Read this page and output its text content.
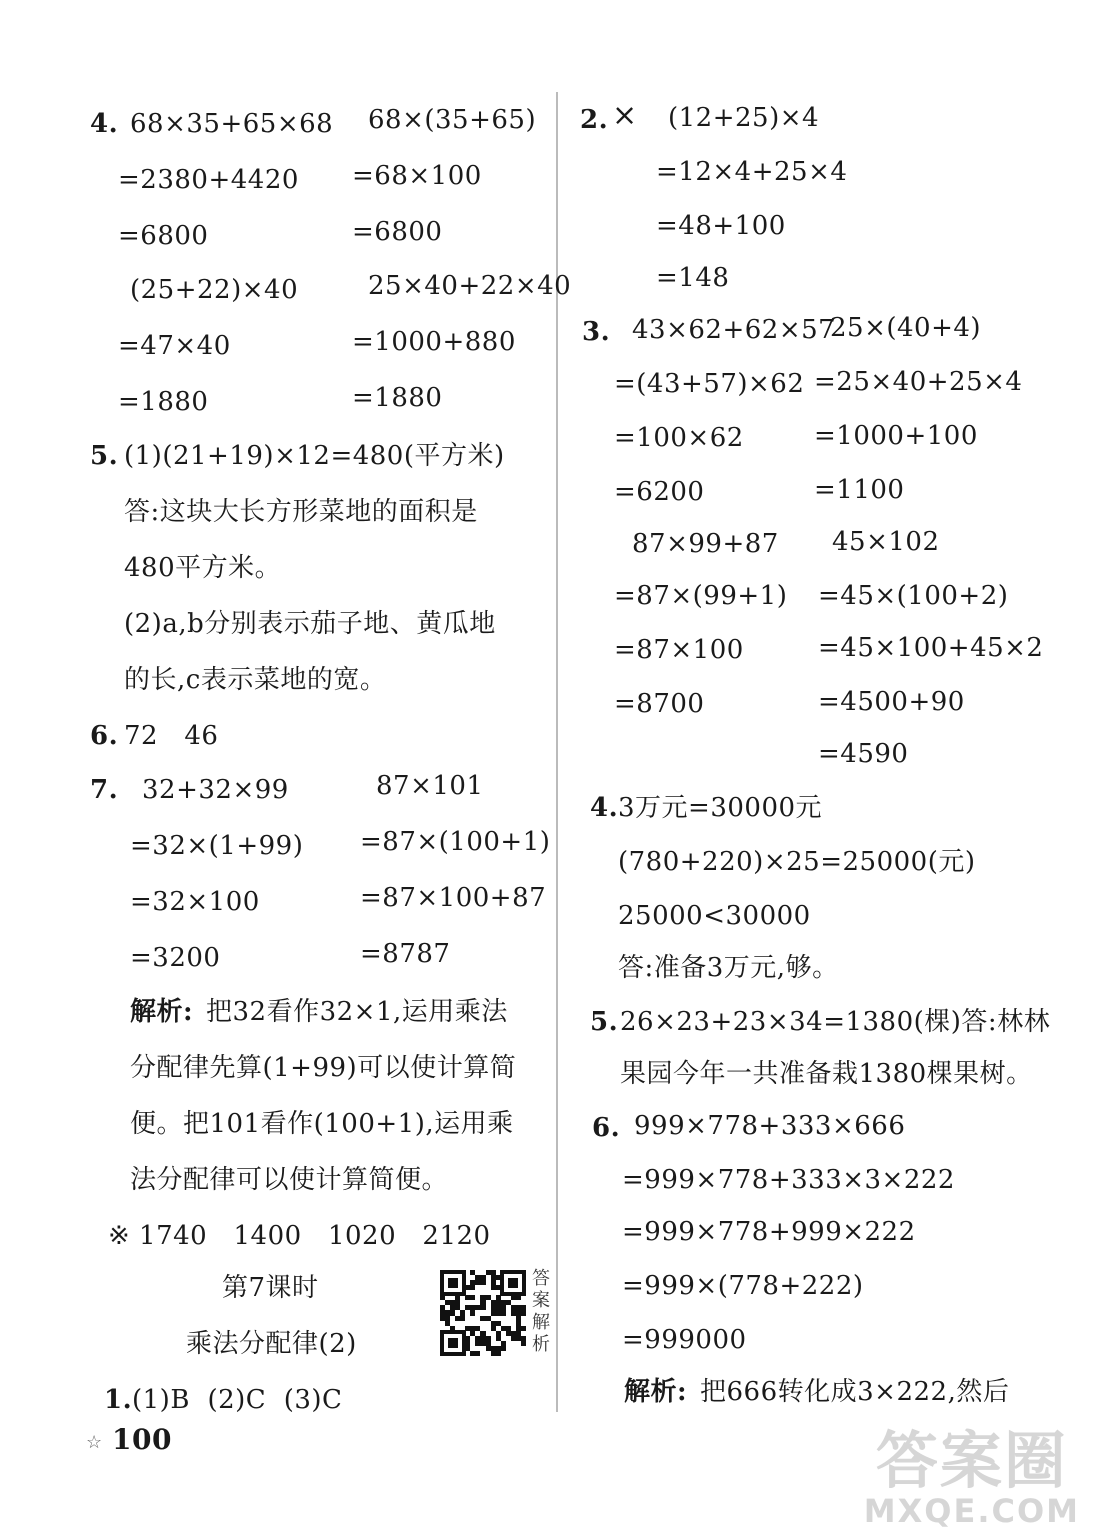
4. 68×35+65×68
=2380+4420
=6800
68×(35+65)
=68×100
=6800
(25+22)×40
=47×40
=1880
25×40+22×40
=1000+880
=1880
5. (1)(21+19)×12=480(平方米)
答:这块大长方形菜地的面积是
480平方米。
(2)a,b分别表示茄子地、黄瓜地
的长,c表示菜地的宽。
6. 72   46
7. 32+32×99
=32×(1+99)
=32×100
=3200
87×101
=87×(100+1)
=87×100+87
=8787
解析: 把32看作32×1,运用乘法
分配律先算(1+99)可以使计算简
便。把101看作(100+1),运用乘
法分配律可以使计算简便。
※ 1740   1400   1020   2120
第7课时
乘法分配律(2)
答案解析
1. (1)B  (2)C  (3)C
2. × (12+25)×4
=12×4+25×4
=48+100
=148
3. 43×62+62×57
=(43+57)×62
=100×62
=6200
25×(40+4)
=25×40+25×4
=1000+100
=1100
87×99+87
=87×(99+1)
=87×100
=8700
45×102
=45×(100+2)
=45×100+45×2
=4500+90
=4590
4. 3万元=30000元
(780+220)×25=25000(元)
25000<30000
答:准备3万元,够。
5. 26×23+23×34=1380(棵)答:林林
果园今年一共准备栽1380棵果树。
6. 999×778+333×666
=999×778+333×3×222
=999×778+999×222
=999×(778+222)
=999000
解析: 把666转化成3×222,然后
☆ 100	答案圈
MXQE.COM
